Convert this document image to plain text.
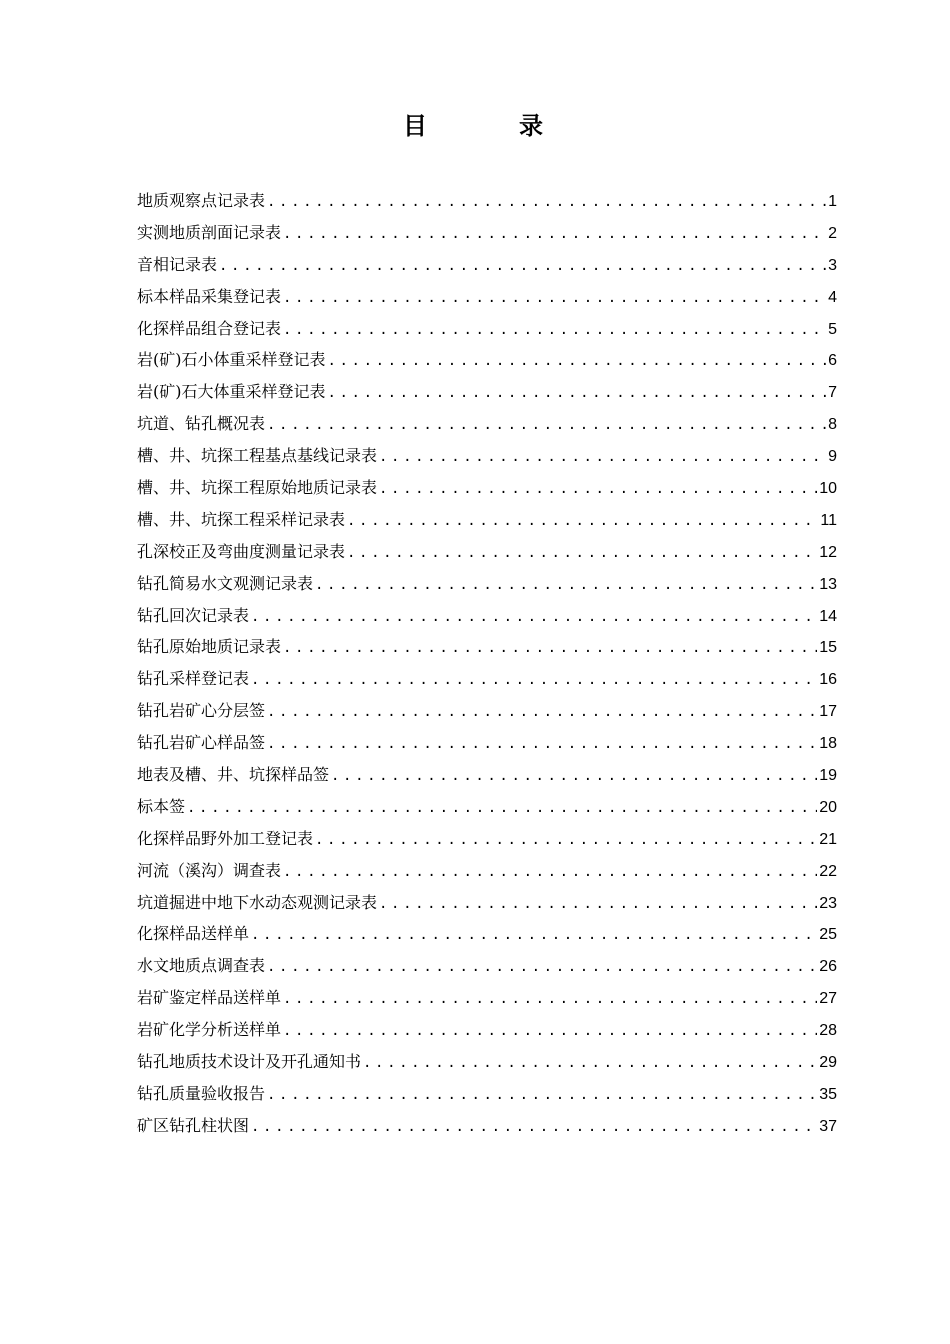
目　录
地质观察点记录表 .....	1
实测地质剖面记录表 .....	2
音相记录表 .....	3
标本样品采集登记表 .....	4
化探样品组合登记表 .....	5
岩(矿)石小体重采样登记表 .....	6
岩(矿)石大体重采样登记表 .....	7
坑道、钻孔概况表 .....	8
槽、井、坑探工程基点基线记录表 .....	9
槽、井、坑探工程原始地质记录表 .....	10
槽、井、坑探工程采样记录表 .....	11
孔深校正及弯曲度测量记录表 .....	12
钻孔简易水文观测记录表 .....	13
钻孔回次记录表 .....	14
钻孔原始地质记录表 .....	15
钻孔采样登记表 .....	16
钻孔岩矿心分层签 .....	17
钻孔岩矿心样品签 .....	18
地表及槽、井、坑探样品签 .....	19
标本签 .....	20
化探样品野外加工登记表 .....	21
河流（溪沟）调查表 .....	22
坑道掘进中地下水动态观测记录表 .....	23
化探样品送样单 .....	25
水文地质点调查表 .....	26
岩矿鉴定样品送样单 .....	27
岩矿化学分析送样单 .....	28
钻孔地质技术设计及开孔通知书 .....	29
钻孔质量验收报告 .....	35
矿区钻孔柱状图 .....	37
